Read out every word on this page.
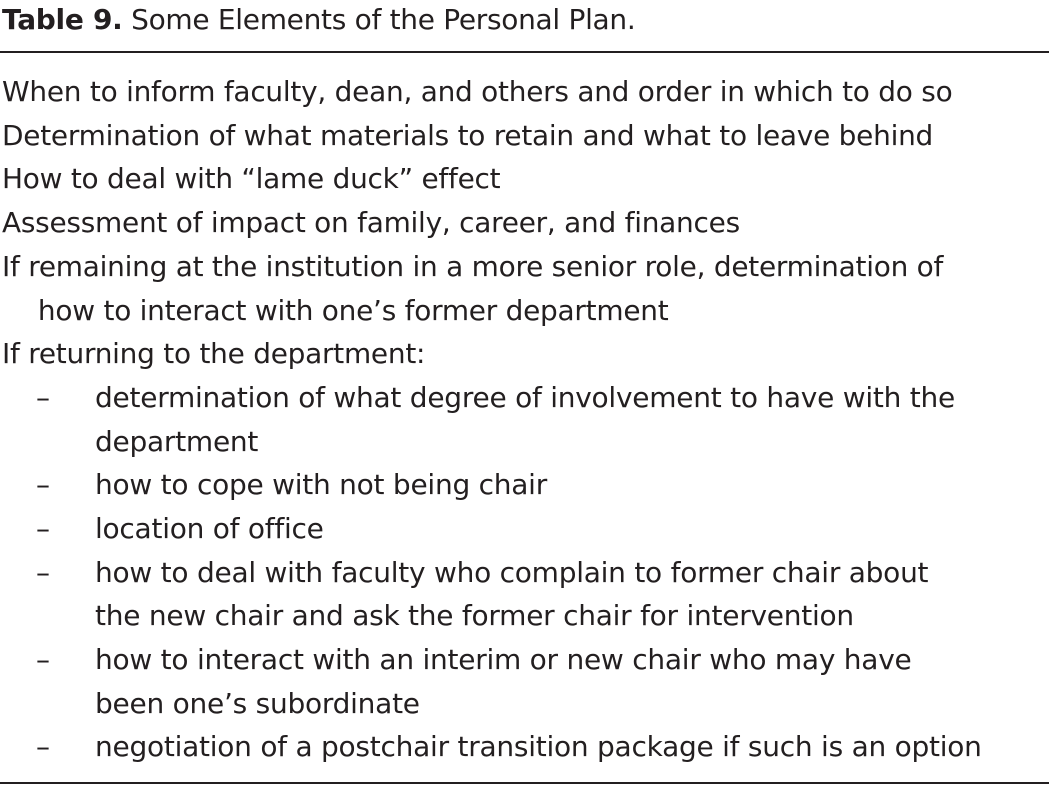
Table 9. Some Elements of the Personal Plan.
When to inform faculty, dean, and others and order in which to do so
Determination of what materials to retain and what to leave behind
How to deal with “lame duck” effect
Assessment of impact on family, career, and finances
If remaining at the institution in a more senior role, determination of how to interact with one’s former department
If returning to the department:
– determination of what degree of involvement to have with the
department
– how to cope with not being chair
– location of office
– how to deal with faculty who complain to former chair about
the new chair and ask the former chair for intervention
– how to interact with an interim or new chair who may have
been one’s subordinate
– negotiation of a postchair transition package if such is an option
